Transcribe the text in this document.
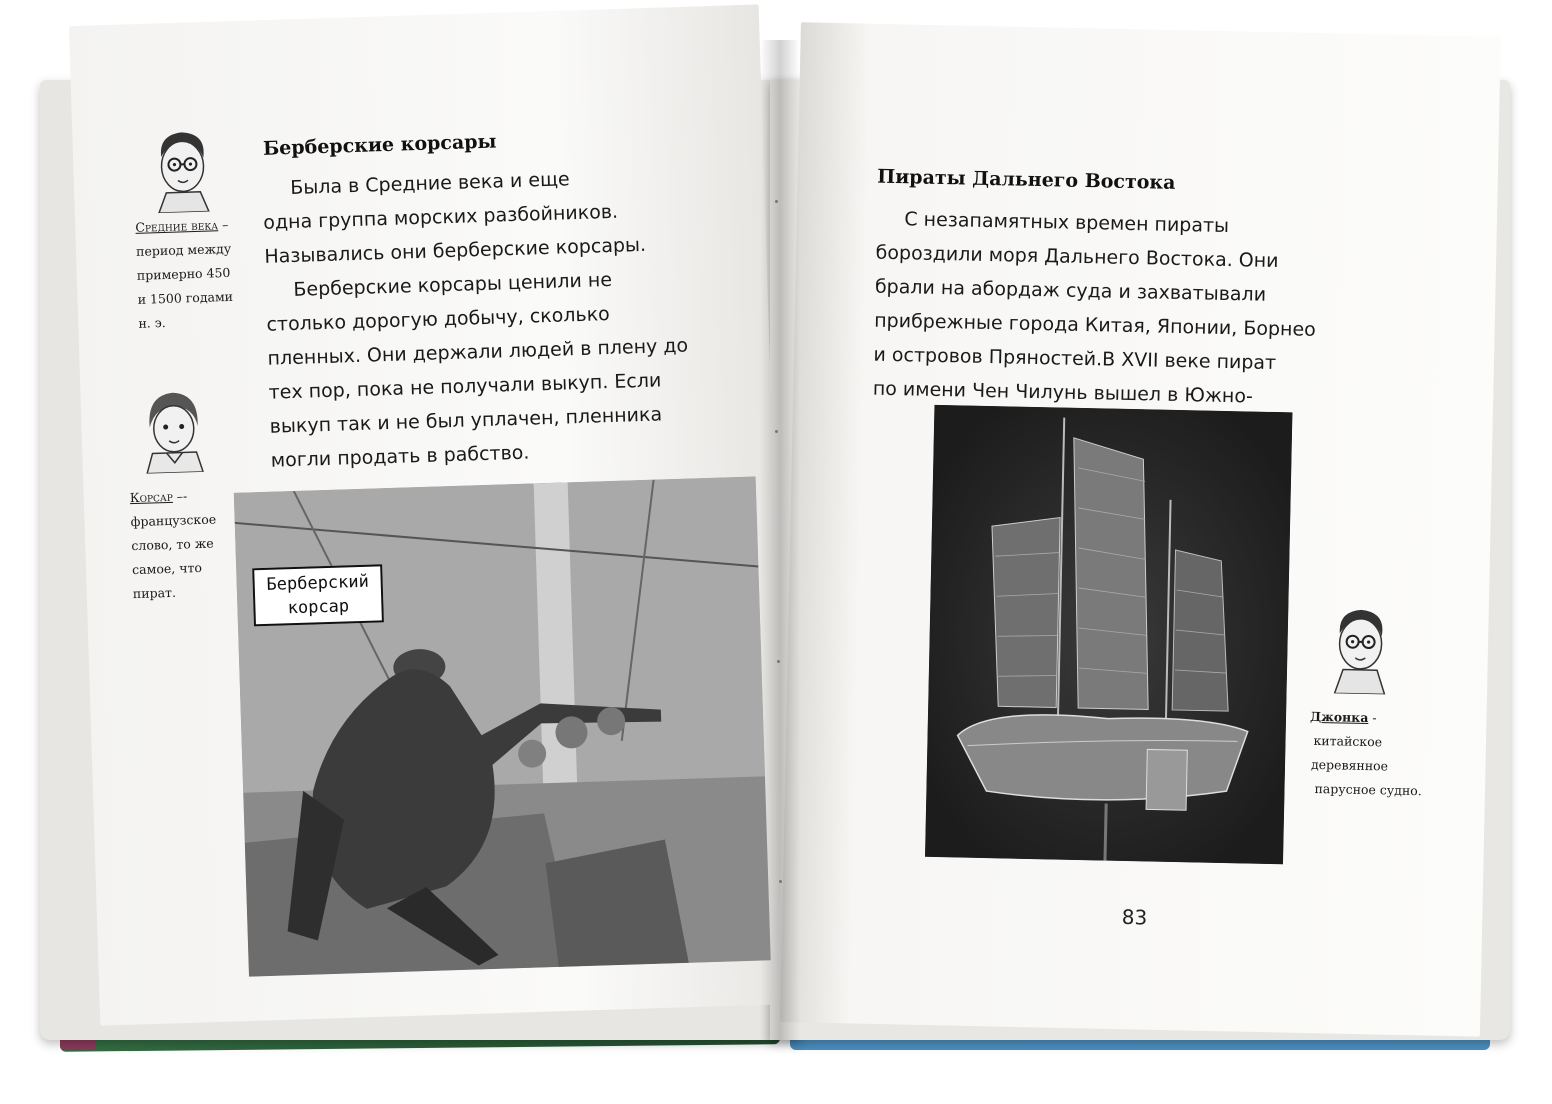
Средние века –
период между
примерно 450
и 1500 годами
н. э.
Корсар –-
французское
слово, то же
самое, что
пират.
Берберские корсары
Была в Средние века и еще
одна группа морских разбойников.
Назывались они берберские корсары.
Берберские корсары ценили не
столько дорогую добычу, сколько
пленных. Они держали людей в плену до
тех пор, пока не получали выкуп. Если
выкуп так и не был уплачен, пленника
могли продать в рабство.
Берберский
корсар
Пираты Дальнего Востока
С незапамятных времен пираты
бороздили моря Дальнего Востока. Они
брали на абордаж суда и захватывали
прибрежные города Китая, Японии, Борнео
и островов Пряностей.В XVII веке пират
по имени Чен Чилунь вышел в Южно-
Джонка -
китайское
деревянное
парусное судно.
83
